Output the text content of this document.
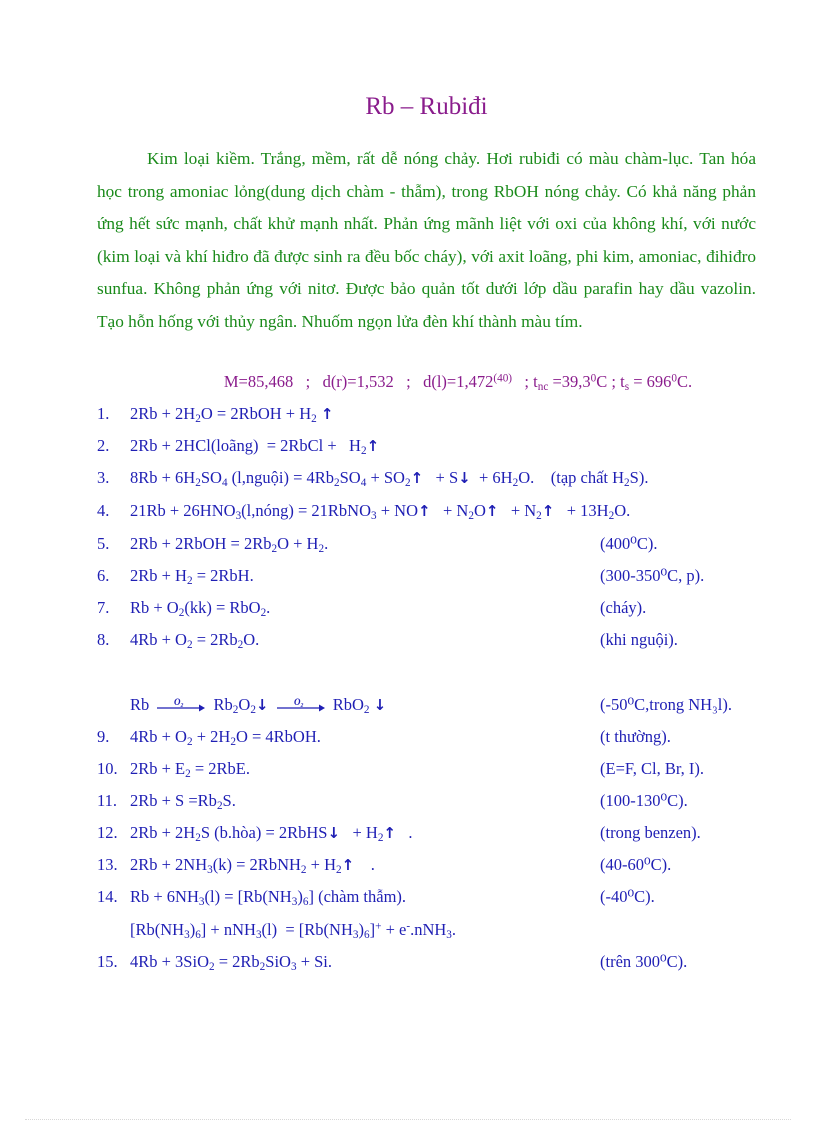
Rb – Rubiđi

Kim loại kiềm. Trắng, mềm, rất dễ nóng chảy. Hơi rubiđi có màu chàm-lục. Tan hóa học trong amoniac lỏng(dung dịch chàm - thẫm), trong RbOH nóng chảy. Có khả năng phản ứng hết sức mạnh, chất khử mạnh nhất. Phản ứng mãnh liệt với oxi của không khí, với nước (kim loại và khí hiđro đã được sinh ra đều bốc cháy), với axit loãng, phi kim, amoniac, đihiđro sunfua. Không phản ứng với nitơ. Được bảo quản tốt dưới lớp dầu parafin hay dầu vazolin. Tạo hỗn hống với thủy ngân. Nhuốm ngọn lửa đèn khí thành màu tím.

M=85,468 ; d(r)=1,532 ; $d(l)=1,472^{(40)}$ ; $t_{nc} =39,3^0C$ ; $t_s = 696^0C$.
1. $2Rb + 2H_2O$ = 2RbOH + $H_2$ ↑
2. 2Rb + 2HCl(loãng)  = 2RbCl +   $H_2↑$
3. $8Rb + 6H_2SO_4$ (l,nguội) = $4Rb_2SO_4$ + $SO_2↑$   + S↓  + $6H_2O$.    (tạp chất $H_2S$).
4. $21Rb + 26HNO_3(l,nóng)$ = 21RbNO$_3$ + NO↑   + $N_2O↑$   + $N_2↑ + 13H_2O$.
5. 2Rb + 2RbOH = $2Rb_2O + H_2$.	(400⁰C).
6. $2Rb + H_2 = 2RbH$.	(300-350⁰C, p).
7. $Rb + O_2(kk) = RbO_2$.	(cháy).
8. $4Rb + O_2 = 2Rb_2O$.	(khi nguội).
Rb O₂ $Rb_2O_2↓$	O₂ RbO$_2$ ↓	(-50⁰C,trong NH₃l).
9. $4Rb + O_2 + 2H_2O$ = 4RbOH.	(t thường).
10. $2Rb + E_2 = 2RbE$.	(E=F, Cl, Br, I).
11. $2Rb + S =Rb_2S$.	(100-130⁰C).
12. $2Rb + 2H_2S$ (b.hòa) = 2RbHS↓   + $H_2↑$   .	(trong benzen).
13. $2Rb + 2NH_3(k)$ = 2RbNH$_2$ + $H_2↑$    .	(40-60⁰C).
14. $Rb + 6NH_3(l) = [Rb(NH_3)_6]$ (chàm thẫm).	(-40⁰C).
$[Rb(NH_3)_6] + nNH_3(l) = [Rb(NH_3)_6]^+ + e^-.nNH_3$.
15. $4Rb + 3SiO_2 = 2Rb_2SiO_3 + Si$.	(trên 300⁰C).
